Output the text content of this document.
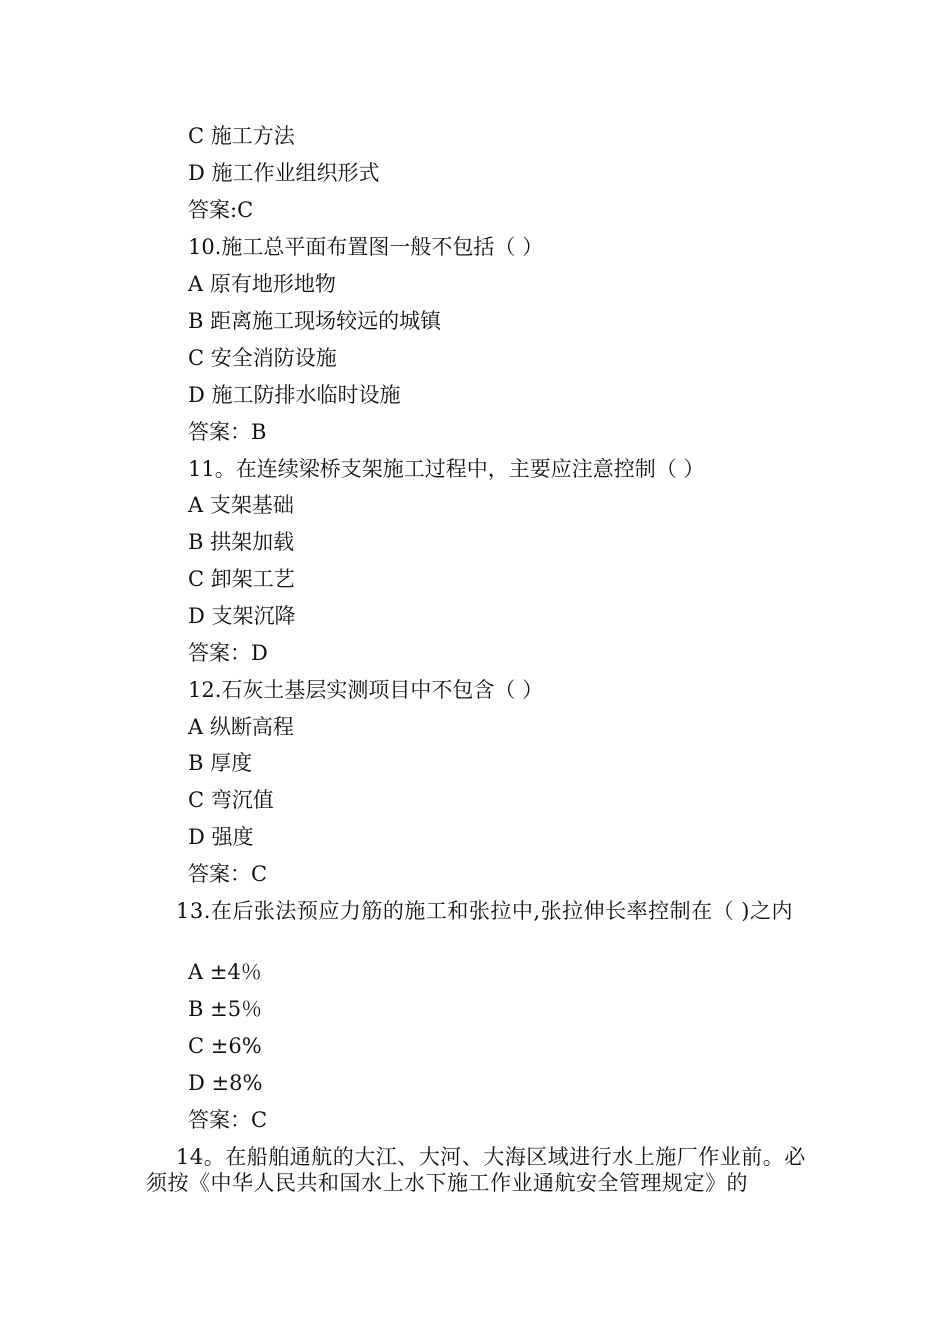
C 施工方法
D 施工作业组织形式
答案:C
10.施工总平面布置图一般不包括（ ）
A 原有地形地物
B 距离施工现场较远的城镇
C 安全消防设施
D 施工防排水临时设施
答案：B
11。在连续梁桥支架施工过程中，主要应注意控制（ ）
A 支架基础
B 拱架加载
C 卸架工艺
D 支架沉降
答案：D
12.石灰土基层实测项目中不包含（ ）
A 纵断高程
B 厚度
C 弯沉值
D 强度
答案：C
13.在后张法预应力筋的施工和张拉中,张拉伸长率控制在（ )之内
A ±4％
B ±5％
C ±6%
D ±8%
答案：C
14。在船舶通航的大江、大河、大海区域进行水上施厂作业前。必须按《中华人民共和国水上水下施工作业通航安全管理规定》的
